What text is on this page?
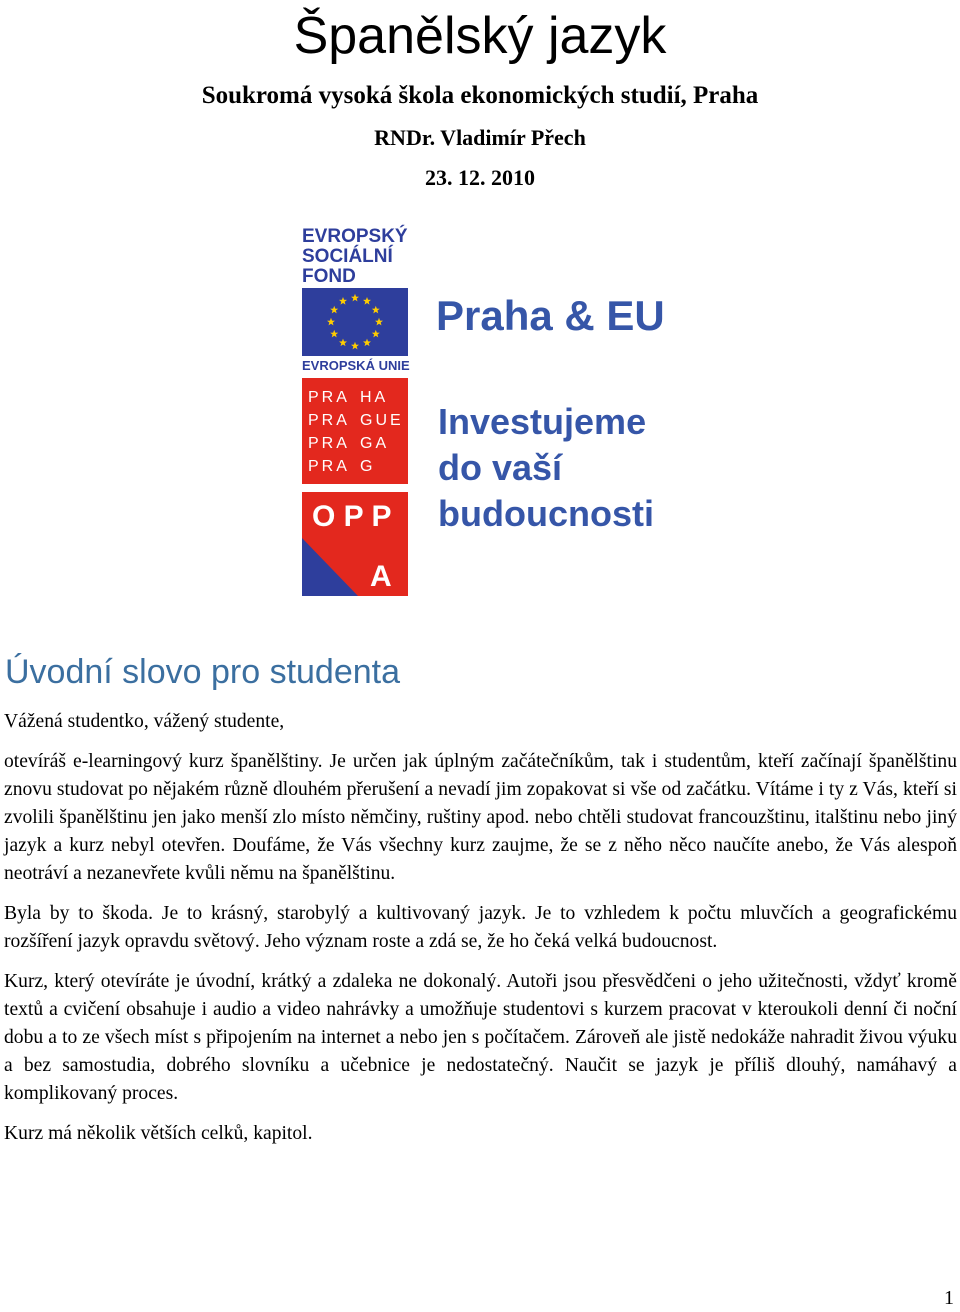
Španělský jazyk
Soukromá vysoká škola ekonomických studií, Praha
RNDr. Vladimír Přech
23. 12. 2010
EVROPSKÝ
SOCIÁLNÍ
FOND
EVROPSKÁ UNIE
PRA HA
PRA GUE
PRA GA
PRA G
O P P
A
Praha & EU
Investujeme
do vaší
budoucnosti
Úvodní slovo pro studenta

Vážená studentko, vážený studente,

otevíráš e-learningový kurz španělštiny. Je určen jak úplným začátečníkům, tak i studentům, kteří začínají španělštinu znovu studovat po nějakém různě dlouhém přerušení a nevadí jim zopakovat si vše od začátku. Vítáme i ty z Vás, kteří si zvolili španělštinu jen jako menší zlo místo němčiny, ruštiny apod. nebo chtěli studovat francouzštinu, italštinu nebo jiný jazyk a kurz nebyl otevřen. Doufáme, že Vás všechny kurz zaujme, že se z něho něco naučíte anebo, že Vás alespoň neotráví a nezanevřete kvůli němu na španělštinu.

Byla by to škoda. Je to krásný, starobylý a kultivovaný jazyk. Je to vzhledem k počtu mluvčích a geografickému rozšíření jazyk opravdu světový. Jeho význam roste a zdá se, že ho čeká velká budoucnost.

Kurz, který otevíráte je úvodní, krátký a zdaleka ne dokonalý. Autoři jsou přesvědčeni o jeho užitečnosti, vždyť kromě textů a cvičení obsahuje i audio a video nahrávky a umožňuje studentovi s kurzem pracovat v kteroukoli denní či noční dobu a to ze všech míst s připojením na internet a nebo jen s počítačem. Zároveň ale jistě nedokáže nahradit živou výuku a bez samostudia, dobrého slovníku a učebnice je nedostatečný. Naučit se jazyk je příliš dlouhý, namáhavý a komplikovaný proces.

Kurz má několik větších celků, kapitol.

1
